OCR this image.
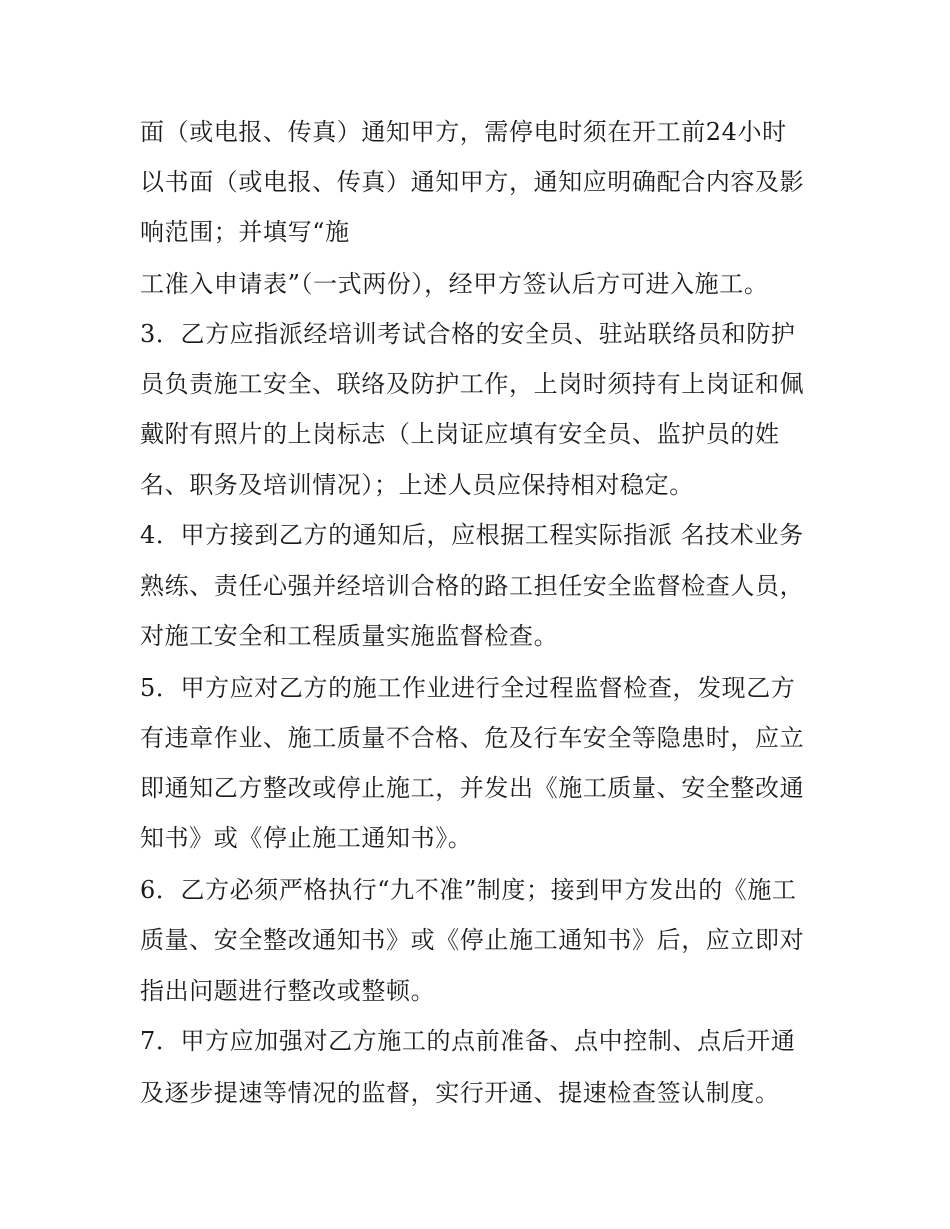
面（或电报、传真）通知甲方，需停电时须在开工前24小时
以书面（或电报、传真）通知甲方，通知应明确配合内容及影
响范围；并填写“施
工准入申请表”（一式两份），经甲方签认后方可进入施工。
3．乙方应指派经培训考试合格的安全员、驻站联络员和防护
员负责施工安全、联络及防护工作，上岗时须持有上岗证和佩
戴附有照片的上岗标志（上岗证应填有安全员、监护员的姓
名、职务及培训情况）；上述人员应保持相对稳定。
4．甲方接到乙方的通知后，应根据工程实际指派 名技术业务
熟练、责任心强并经培训合格的路工担任安全监督检查人员，
对施工安全和工程质量实施监督检查。
5．甲方应对乙方的施工作业进行全过程监督检查，发现乙方
有违章作业、施工质量不合格、危及行车安全等隐患时，应立
即通知乙方整改或停止施工，并发出《施工质量、安全整改通
知书》或《停止施工通知书》。
6．乙方必须严格执行“九不准”制度；接到甲方发出的《施工
质量、安全整改通知书》或《停止施工通知书》后，应立即对
指出问题进行整改或整顿。
7．甲方应加强对乙方施工的点前准备、点中控制、点后开通
及逐步提速等情况的监督，实行开通、提速检查签认制度。
